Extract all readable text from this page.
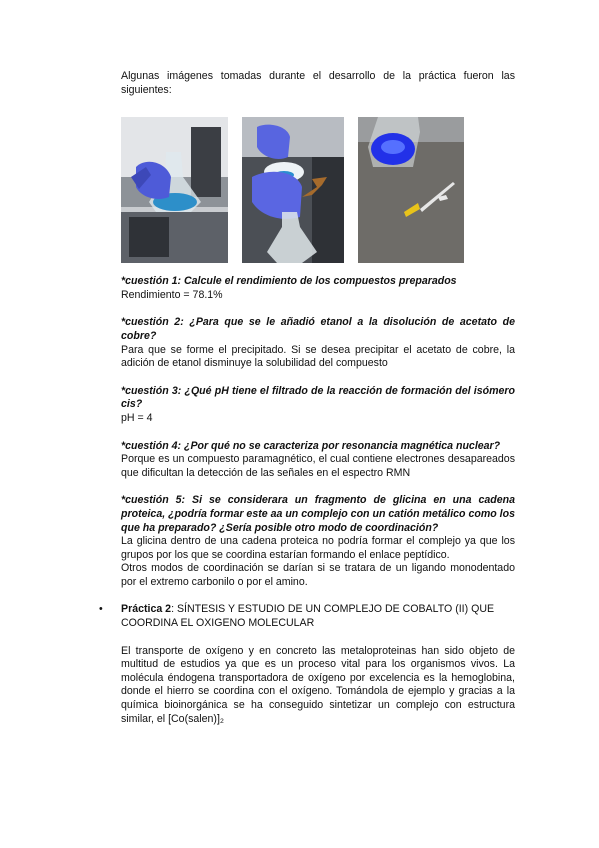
Algunas imágenes tomadas durante el desarrollo de la práctica fueron las siguientes:

*cuestión 1: Calcule el rendimiento de los compuestos preparados

Rendimiento = 78.1%

*cuestión 2: ¿Para que se le añadió etanol a la disolución de acetato de cobre?

Para que se forme el precipitado. Si se desea precipitar el acetato de cobre, la adición de etanol disminuye la solubilidad del compuesto

*cuestión 3: ¿Qué pH tiene el filtrado de la reacción de formación del isómero cis?

pH = 4

*cuestión 4: ¿Por qué no se caracteriza por resonancia magnética nuclear?

Porque es un compuesto paramagnético, el cual contiene electrones desapareados que dificultan la detección de las señales en el espectro RMN

*cuestión 5: Si se considerara un fragmento de glicina en una cadena proteica, ¿podría formar este aa un complejo con un catión metálico como los que ha preparado? ¿Sería posible otro modo de coordinación?

La glicina dentro de una cadena proteica no podría formar el complejo ya que los grupos por los que se coordina estarían formando el enlace peptídico.

Otros modos de coordinación se darían si se tratara de un ligando monodentado por el extremo carbonilo o por el amino.

• Práctica 2: SÍNTESIS Y ESTUDIO DE UN COMPLEJO DE COBALTO (II) QUE COORDINA EL OXIGENO MOLECULAR

El transporte de oxígeno y en concreto las metaloproteinas han sido objeto de multitud de estudios ya que es un proceso vital para los organismos vivos. La molécula éndogena transportadora de oxígeno por excelencia es la hemoglobina, donde el hierro se coordina con el oxígeno. Tomándola de ejemplo y gracias a la química bioinorgánica se ha conseguido sintetizar un complejo con estructura similar, el [Co(salen)]₂
